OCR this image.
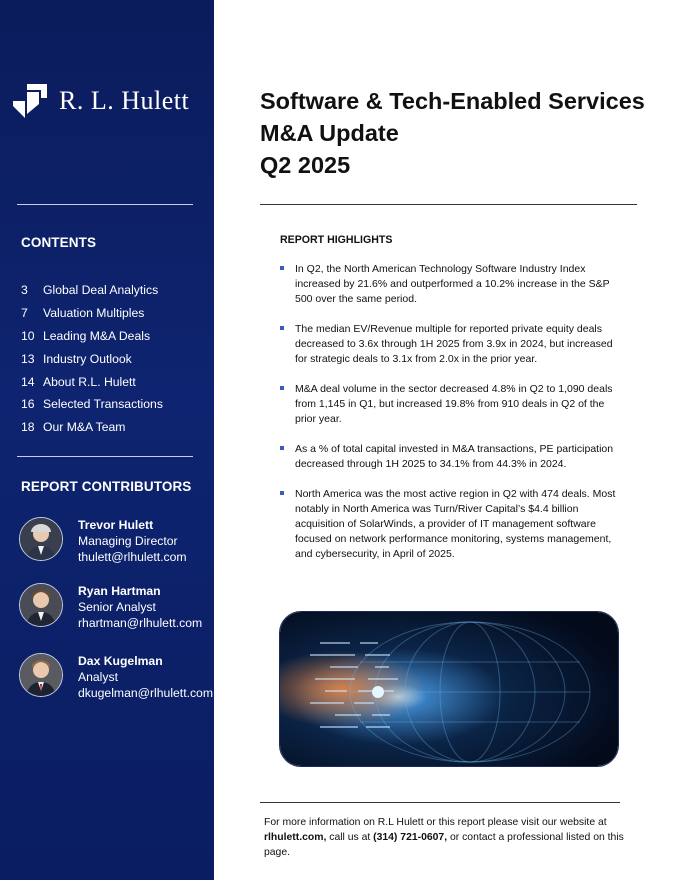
R. L. Hulett
CONTENTS
3	Global Deal Analytics
7	Valuation Multiples
10 Leading M&A Deals
13 Industry Outlook
14 About R.L. Hulett
16 Selected Transactions
18 Our M&A Team
REPORT CONTRIBUTORS
Trevor Hulett
Managing Director
thulett@rlhulett.com
Ryan Hartman
Senior Analyst
rhartman@rlhulett.com
Dax Kugelman
Analyst
dkugelman@rlhulett.com
Software & Tech-Enabled Services
M&A Update
Q2 2025
REPORT HIGHLIGHTS
In Q2, the North American Technology Software Industry Index increased by 21.6% and outperformed a 10.2% increase in the S&P 500 over the same period.
The median EV/Revenue multiple for reported private equity deals decreased to 3.6x through 1H 2025 from 3.9x in 2024, but increased for strategic deals to 3.1x from 2.0x in the prior year.
M&A deal volume in the sector decreased 4.8% in Q2 to 1,090 deals from 1,145 in Q1, but increased 19.8% from 910 deals in Q2 of the prior year.
As a % of total capital invested in M&A transactions, PE participation decreased through 1H 2025 to 34.1% from 44.3% in 2024.
North America was the most active region in Q2 with 474 deals. Most notably in North America was Turn/River Capital’s $4.4 billion acquisition of SolarWinds, a provider of IT management software focused on network performance monitoring, systems management, and cybersecurity, in April of 2025.
For more information on R.L Hulett or this report please visit our website at rlhulett.com, call us at (314) 721-0607, or contact a professional listed on this page.
